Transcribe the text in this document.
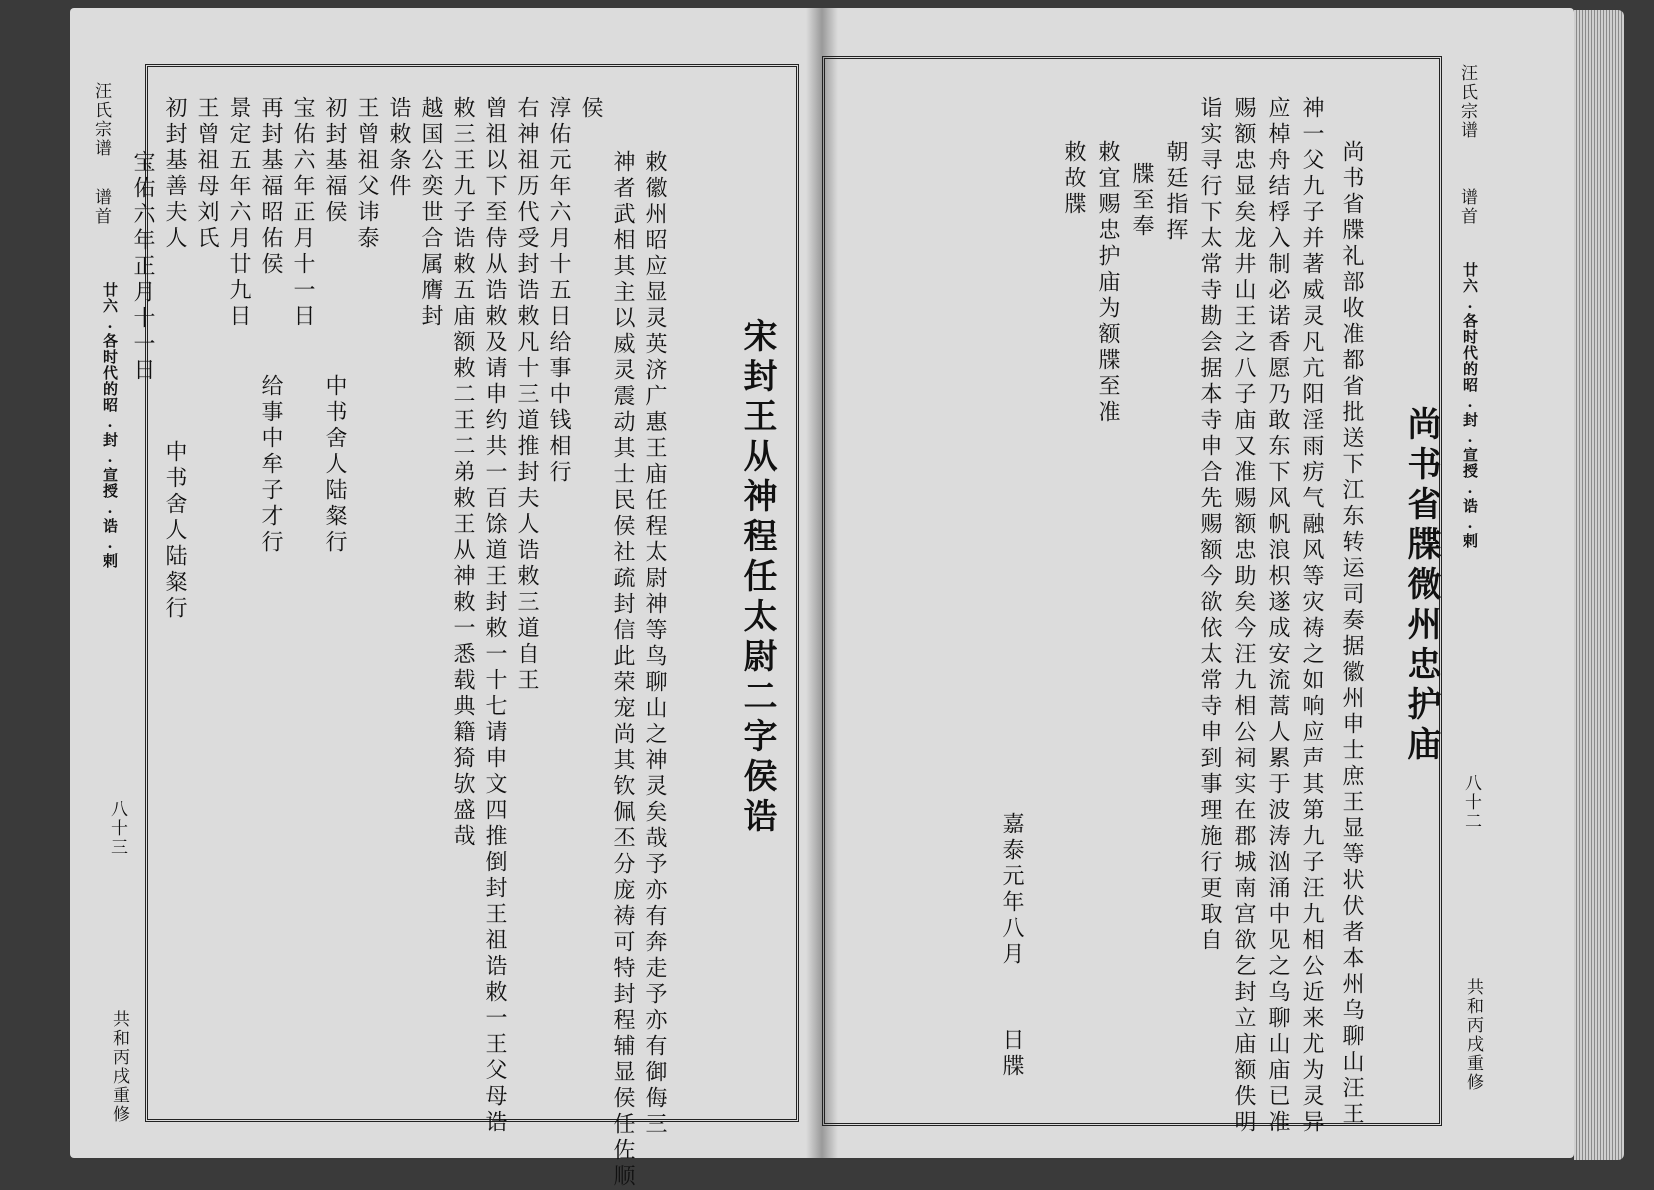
汪氏宗谱
谱首
廿六.各时代的昭.封.宣授.诰.剌
八十三
共和丙戌重修
宋封王从神程任太尉二字侯诰
敕徽州昭应显灵英济广惠王庙任程太尉神等鸟聊山之神灵矣哉予亦有奔走予亦有御侮三
神者武相其主以威灵震动其士民侯社疏封信此荣宠尚其钦佩丕分庞祷可特封程辅显侯任佐顺
侯
淳佑元年六月十五日给事中钱相行
右神祖历代受封诰敕凡十三道推封夫人诰敕三道自王
曾祖以下至侍从诰敕及请申约共一百馀道王封敕一十七请申文四推倒封王祖诰敕一王父母诰
敕三王九子诰敕五庙额敕二王二弟敕王从神敕一悉载典籍猗欤盛哉
越国公奕世合属膺封
诰敕条件
王曾祖父讳泰
初封基福侯
宝佑六年正月十一日
再封基福昭佑侯
景定五年六月廿九日
王曾祖母刘氏
初封基善夫人
宝佑六年正月十一日
中书舍人陆粲行
给事中牟子才行
中书舍人陆粲行
汪氏宗谱
谱首
廿六.各时代的昭.封.宣授.诰.剌
八十二
共和丙戌重修
尚书省牒微州忠护庙
尚书省牒礼部收准都省批送下江东转运司奏据徽州申士庶王显等状伏者本州乌聊山汪王
神一父九子并著威灵凡亢阳淫雨疠气融风等灾祷之如响应声其第九子汪九相公近来尤为灵异
应棹舟结桴入制必诺香愿乃敢东下风帆浪枳遂成安流蒿人累于波涛汹涌中见之乌聊山庙已准
赐额忠显矣龙井山王之八子庙又准赐额忠助矣今汪九相公祠实在郡城南宫欲乞封立庙额佚明
诣实寻行下太常寺勘会据本寺申合先赐额今欲依太常寺申到事理施行更取自
朝廷指挥
牒至奉
敕宜赐忠护庙为额牒至准
敕故牒
嘉泰元年八月
日牒
